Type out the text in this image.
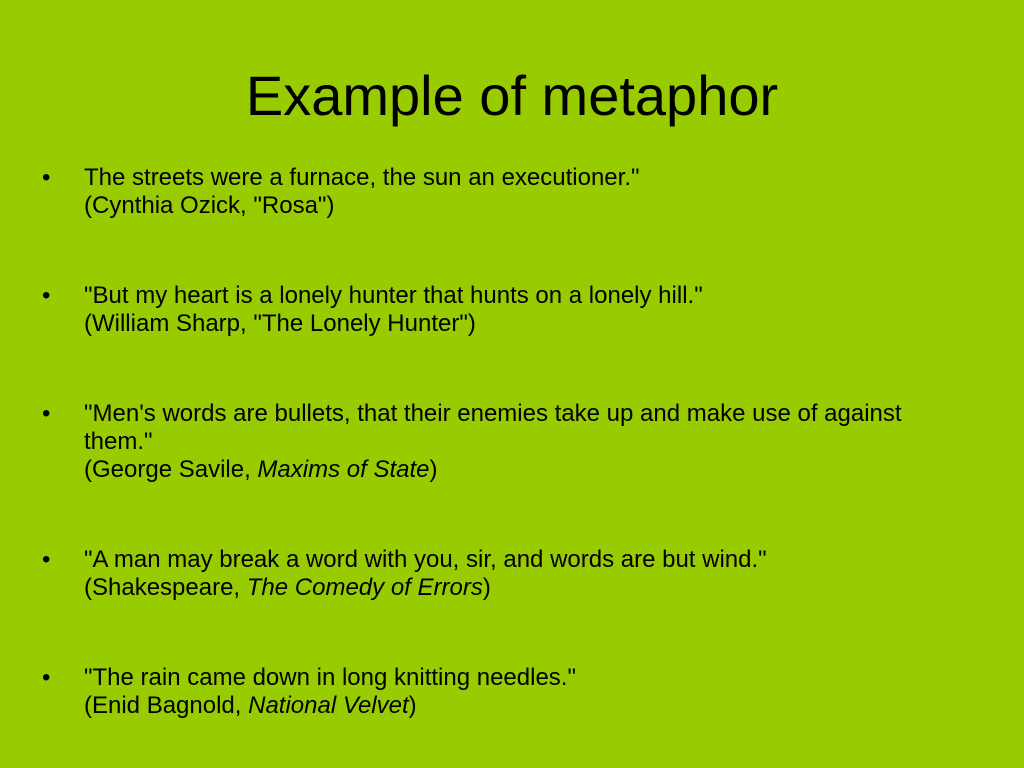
Example of metaphor
•	The streets were a furnace, the sun an executioner."
(Cynthia Ozick, "Rosa")
•	"But my heart is a lonely hunter that hunts on a lonely hill."
(William Sharp, "The Lonely Hunter")
•	"Men's words are bullets, that their enemies take up and make use of against them."
(George Savile, Maxims of State)
•	"A man may break a word with you, sir, and words are but wind."
(Shakespeare, The Comedy of Errors)
•	"The rain came down in long knitting needles."
(Enid Bagnold, National Velvet)
